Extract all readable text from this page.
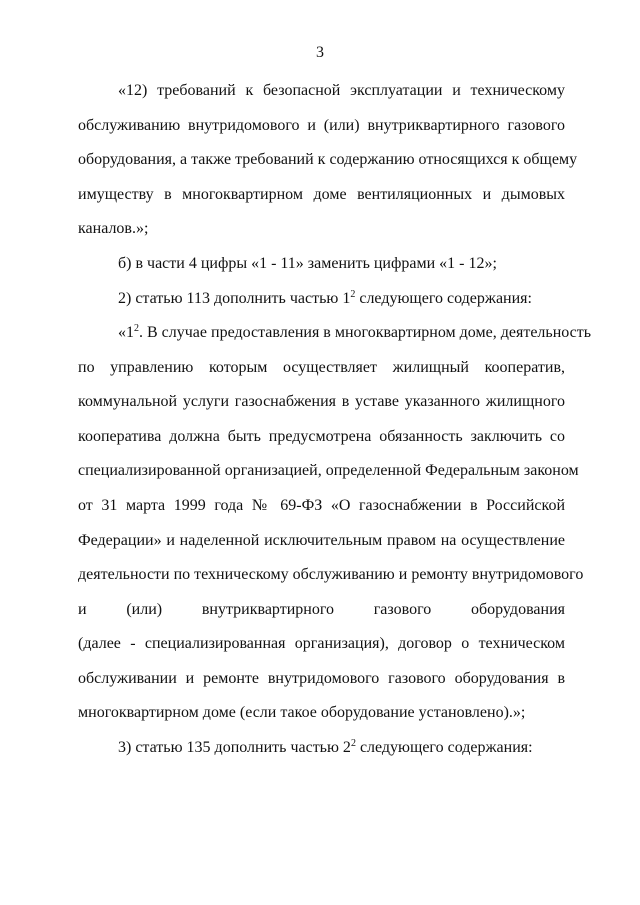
3
«12) требований к безопасной эксплуатации и техническому
обслуживанию внутридомового и (или) внутриквартирного газового
оборудования, а также требований к содержанию относящихся к общему
имуществу в многоквартирном доме вентиляционных и дымовых
каналов.»;
б) в части 4 цифры «1 - 11» заменить цифрами «1 - 12»;
2) статью 113 дополнить частью $1^2$ следующего содержания:
«$1^2$. В случае предоставления в многоквартирном доме, деятельность
по управлению которым осуществляет жилищный кооператив,
коммунальной услуги газоснабжения в уставе указанного жилищного
кооператива должна быть предусмотрена обязанность заключить со
специализированной организацией, определенной Федеральным законом
от 31 марта 1999 года № 69-ФЗ «О газоснабжении в Российской
Федерации» и наделенной исключительным правом на осуществление
деятельности по техническому обслуживанию и ремонту внутридомового
и (или) внутриквартирного газового оборудования
(далее - специализированная организация), договор о техническом
обслуживании и ремонте внутридомового газового оборудования в
многоквартирном доме (если такое оборудование установлено).»;
3) статью 135 дополнить частью $2^2$ следующего содержания:
